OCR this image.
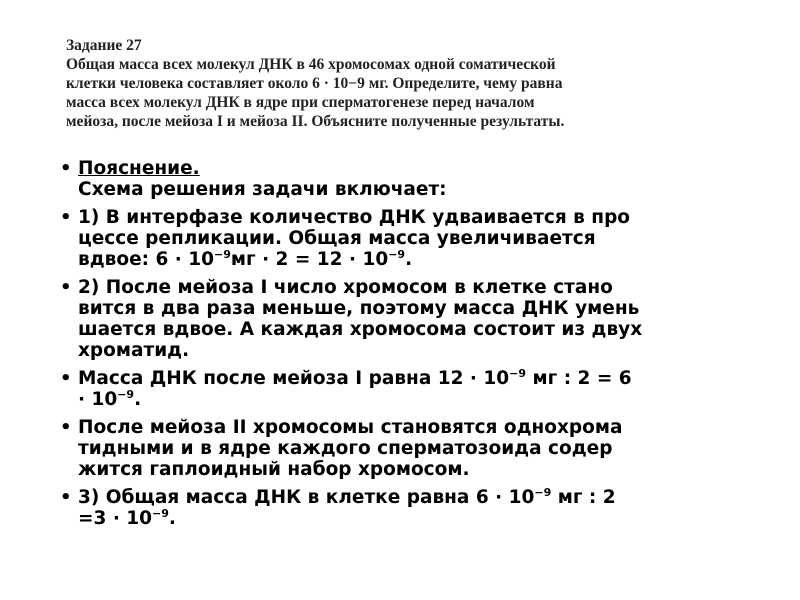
Задание 27
Общая масса всех молекул ДНК в 46 хромосомах одной соматической
клетки человека составляет около 6 · 10−9 мг. Определите, чему равна
масса всех молекул ДНК в ядре при сперматогенезе перед началом
мейоза, после мейоза I и мейоза II. Объясните полученные результаты.
• Пояснение.
Схема решения задачи включает:
• 1) В интерфазе количество ДНК удваивается в про
цессе репликации. Общая масса увеличивается
вдвое: $6 \cdot 10^{-9}мг \cdot 2 = 12 \cdot 10^{-9}$.
• 2) После мейоза I число хромосом в клетке стано
вится в два раза меньше, поэтому масса ДНК умень
шается вдвое. А каждая хромосома состоит из двух
хроматид.
• Масса ДНК после мейоза I равна $12 \cdot 10^{-9}$ мг : 2 = 6
· $10^{-9}$.
• После мейоза II хромосомы становятся однохрома
тидными и в ядре каждого сперматозоида содер
жится гаплоидный набор хромосом.
• 3) Общая масса ДНК в клетке равна $6 \cdot 10^{-9}$ мг : 2
$=3 \cdot 10^{-9}$.
